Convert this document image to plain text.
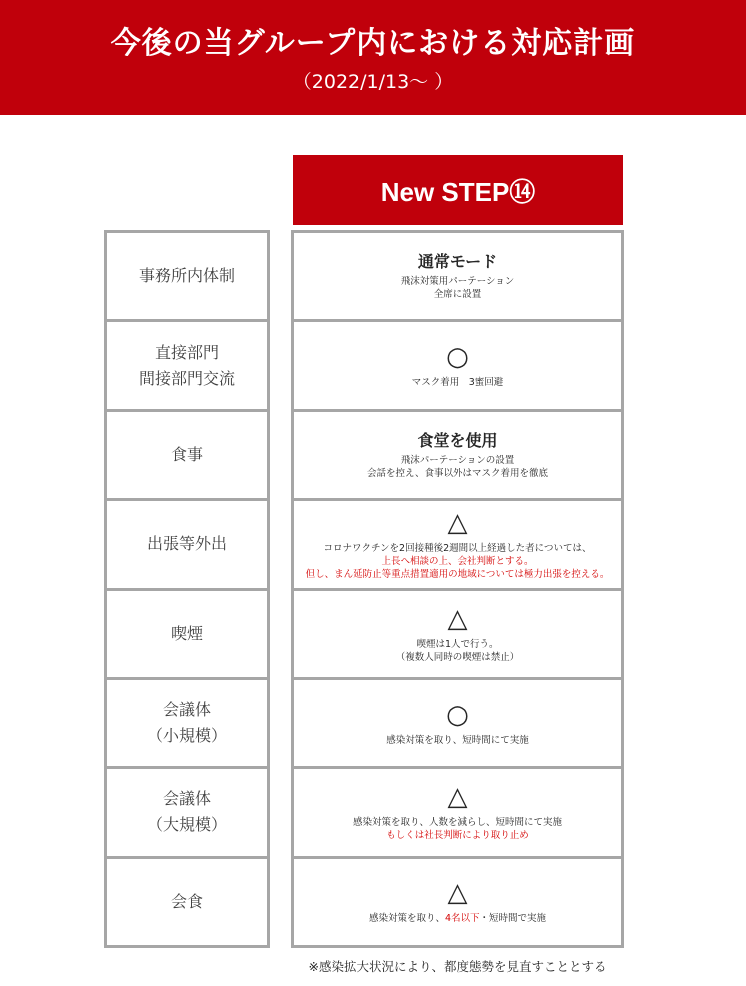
今後の当グループ内における対応計画
（2022/1/13～ ）
New STEP⑭
事務所内体制
直接部門
間接部門交流
食事
出張等外出
喫煙
会議体
（小規模）
会議体
（大規模）
会食
通常モード
飛沫対策用パーテーション
全席に設置
○
マスク着用　3蜜回避
食堂を使用
飛沫パーテーションの設置
会話を控え、食事以外はマスク着用を徹底
△
コロナワクチンを2回接種後2週間以上経過した者については、
上長へ相談の上、会社判断とする。
但し、まん延防止等重点措置適用の地域については極力出張を控える。
△
喫煙は1人で行う。
（複数人同時の喫煙は禁止）
○
感染対策を取り、短時間にて実施
△
感染対策を取り、人数を減らし、短時間にて実施
もしくは社長判断により取り止め
△
感染対策を取り、4名以下・短時間で実施
※感染拡大状況により、都度態勢を見直すこととする
